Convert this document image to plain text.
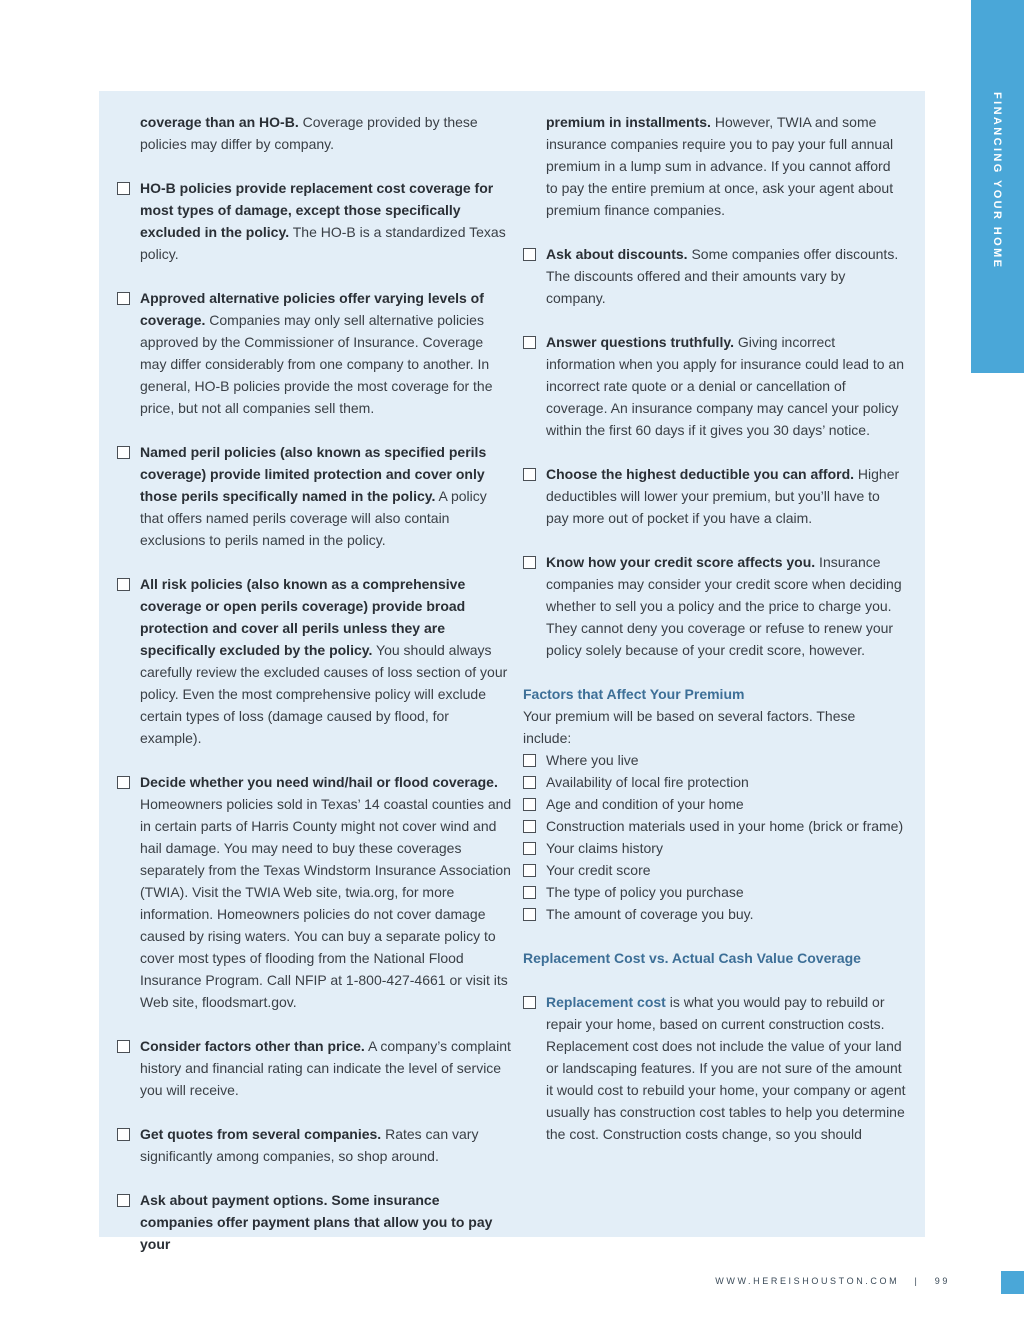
FINANCING YOUR HOME

coverage than an HO-B. Coverage provided by these policies may differ by company.

HO-B policies provide replacement cost coverage for most types of damage, except those specifically excluded in the policy. The HO-B is a standardized Texas policy.

Approved alternative policies offer varying levels of coverage. Companies may only sell alternative policies approved by the Commissioner of Insurance. Coverage may differ considerably from one company to another. In general, HO-B policies provide the most coverage for the price, but not all companies sell them.

Named peril policies (also known as specified perils coverage) provide limited protection and cover only those perils specifically named in the policy. A policy that offers named perils coverage will also contain exclusions to perils named in the policy.

All risk policies (also known as a comprehensive coverage or open perils coverage) provide broad protection and cover all perils unless they are specifically excluded by the policy. You should always carefully review the excluded causes of loss section of your policy. Even the most comprehensive policy will exclude certain types of loss (damage caused by flood, for example).

Decide whether you need wind/hail or flood coverage. Homeowners policies sold in Texas’ 14 coastal counties and in certain parts of Harris County might not cover wind and hail damage. You may need to buy these coverages separately from the Texas Windstorm Insurance Association (TWIA). Visit the TWIA Web site, twia.org, for more information. Homeowners policies do not cover damage caused by rising waters. You can buy a separate policy to cover most types of flooding from the National Flood Insurance Program. Call NFIP at 1-800-427-4661 or visit its Web site, floodsmart.gov.

Consider factors other than price. A company’s complaint history and financial rating can indicate the level of service you will receive.

Get quotes from several companies. Rates can vary significantly among companies, so shop around.

Ask about payment options. Some insurance companies offer payment plans that allow you to pay your

premium in installments. However, TWIA and some insurance companies require you to pay your full annual premium in a lump sum in advance. If you cannot afford to pay the entire premium at once, ask your agent about premium finance companies.

Ask about discounts. Some companies offer discounts. The discounts offered and their amounts vary by company.

Answer questions truthfully. Giving incorrect information when you apply for insurance could lead to an incorrect rate quote or a denial or cancellation of coverage. An insurance company may cancel your policy within the first 60 days if it gives you 30 days’ notice.

Choose the highest deductible you can afford. Higher deductibles will lower your premium, but you’ll have to pay more out of pocket if you have a claim.

Know how your credit score affects you. Insurance companies may consider your credit score when deciding whether to sell you a policy and the price to charge you. They cannot deny you coverage or refuse to renew your policy solely because of your credit score, however.

Factors that Affect Your Premium

Your premium will be based on several factors. These include:

Where you live

Availability of local fire protection

Age and condition of your home

Construction materials used in your home (brick or frame)

Your claims history

Your credit score

The type of policy you purchase

The amount of coverage you buy.

Replacement Cost vs. Actual Cash Value Coverage

Replacement cost is what you would pay to rebuild or repair your home, based on current construction costs. Replacement cost does not include the value of your land or landscaping features. If you are not sure of the amount it would cost to rebuild your home, your company or agent usually has construction cost tables to help you determine the cost. Construction costs change, so you should

WWW.HEREISHOUSTON.COM | 99
